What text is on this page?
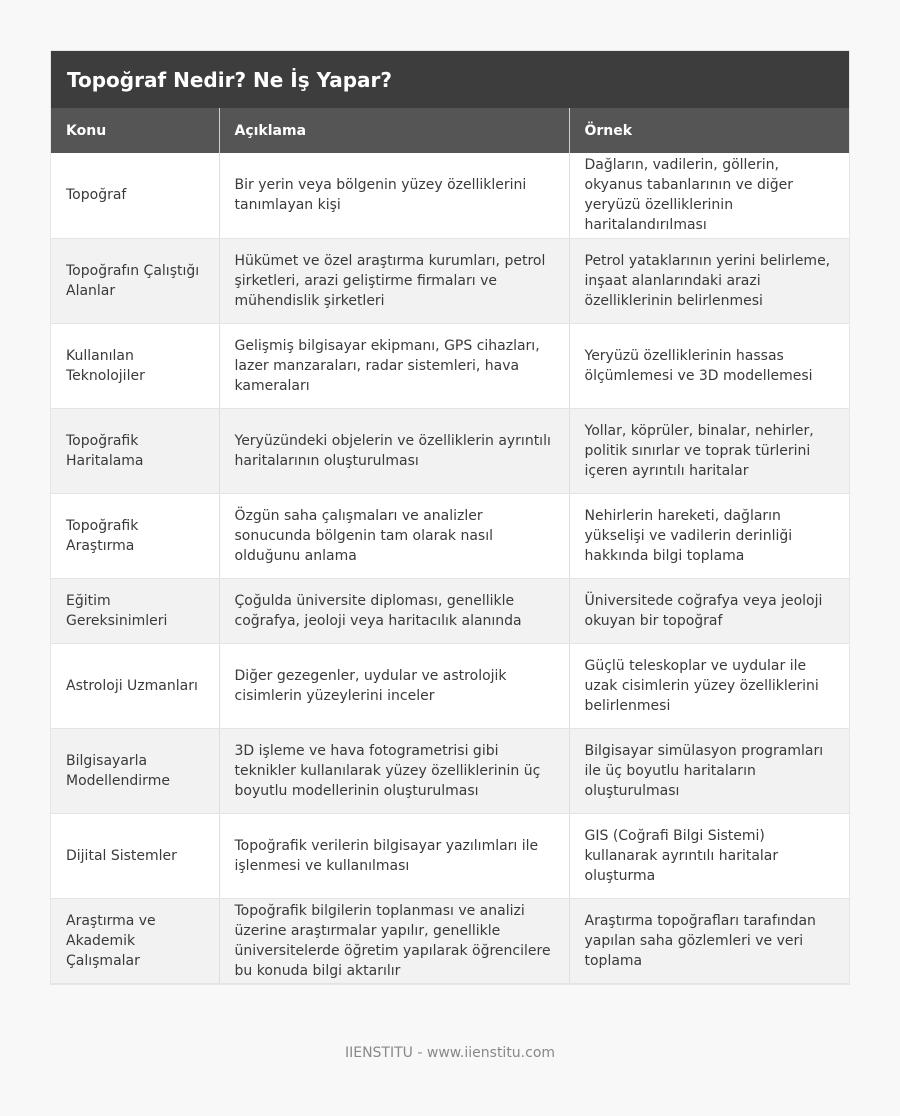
Topoğraf Nedir? Ne İş Yapar?
Konu	Açıklama	Örnek
Topoğraf	Bir yerin veya bölgenin yüzey özelliklerini tanımlayan kişi	Dağların, vadilerin, göllerin, okyanus tabanlarının ve diğer yeryüzü özelliklerinin haritalandırılması
Topoğrafın Çalıştığı Alanlar	Hükümet ve özel araştırma kurumları, petrol şirketleri, arazi geliştirme firmaları ve mühendislik şirketleri	Petrol yataklarının yerini belirleme, inşaat alanlarındaki arazi özelliklerinin belirlenmesi
Kullanılan Teknolojiler	Gelişmiş bilgisayar ekipmanı, GPS cihazları, lazer manzaraları, radar sistemleri, hava kameraları	Yeryüzü özelliklerinin hassas ölçümlemesi ve 3D modellemesi
Topoğrafik Haritalama	Yeryüzündeki objelerin ve özelliklerin ayrıntılı haritalarının oluşturulması	Yollar, köprüler, binalar, nehirler, politik sınırlar ve toprak türlerini içeren ayrıntılı haritalar
Topoğrafik Araştırma	Özgün saha çalışmaları ve analizler sonucunda bölgenin tam olarak nasıl olduğunu anlama	Nehirlerin hareketi, dağların yükselişi ve vadilerin derinliği hakkında bilgi toplama
Eğitim Gereksinimleri	Çoğulda üniversite diploması, genellikle coğrafya, jeoloji veya haritacılık alanında	Üniversitede coğrafya veya jeoloji okuyan bir topoğraf
Astroloji Uzmanları	Diğer gezegenler, uydular ve astrolojik cisimlerin yüzeylerini inceler	Güçlü teleskoplar ve uydular ile uzak cisimlerin yüzey özelliklerini belirlenmesi
Bilgisayarla Modellendirme	3D işleme ve hava fotogrametrisi gibi teknikler kullanılarak yüzey özelliklerinin üç boyutlu modellerinin oluşturulması	Bilgisayar simülasyon programları ile üç boyutlu haritaların oluşturulması
Dijital Sistemler	Topoğrafik verilerin bilgisayar yazılımları ile işlenmesi ve kullanılması	GIS (Coğrafi Bilgi Sistemi) kullanarak ayrıntılı haritalar oluşturma
Araştırma ve Akademik Çalışmalar	Topoğrafik bilgilerin toplanması ve analizi üzerine araştırmalar yapılır, genellikle üniversitelerde öğretim yapılarak öğrencilere bu konuda bilgi aktarılır	Araştırma topoğrafları tarafından yapılan saha gözlemleri ve veri toplama
IIENSTITU - www.iienstitu.com
